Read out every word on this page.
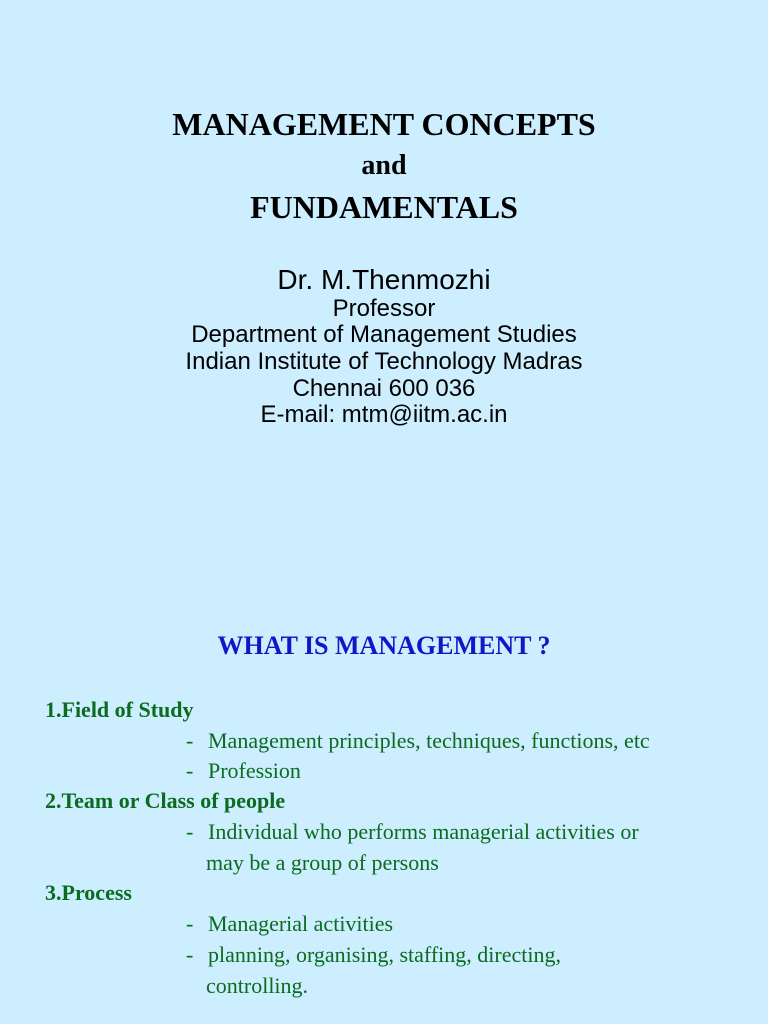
MANAGEMENT CONCEPTS
and
FUNDAMENTALS
Dr. M.Thenmozhi
Professor
Department of Management Studies
Indian Institute of Technology Madras
Chennai 600 036
E-mail: mtm@iitm.ac.in
WHAT IS MANAGEMENT ?
1.Field of Study
- Management principles, techniques, functions, etc
- Profession
2.Team or Class of people
- Individual who performs managerial activities or
may be a group of persons
3.Process
- Managerial activities
- planning, organising, staffing, directing,
controlling.
